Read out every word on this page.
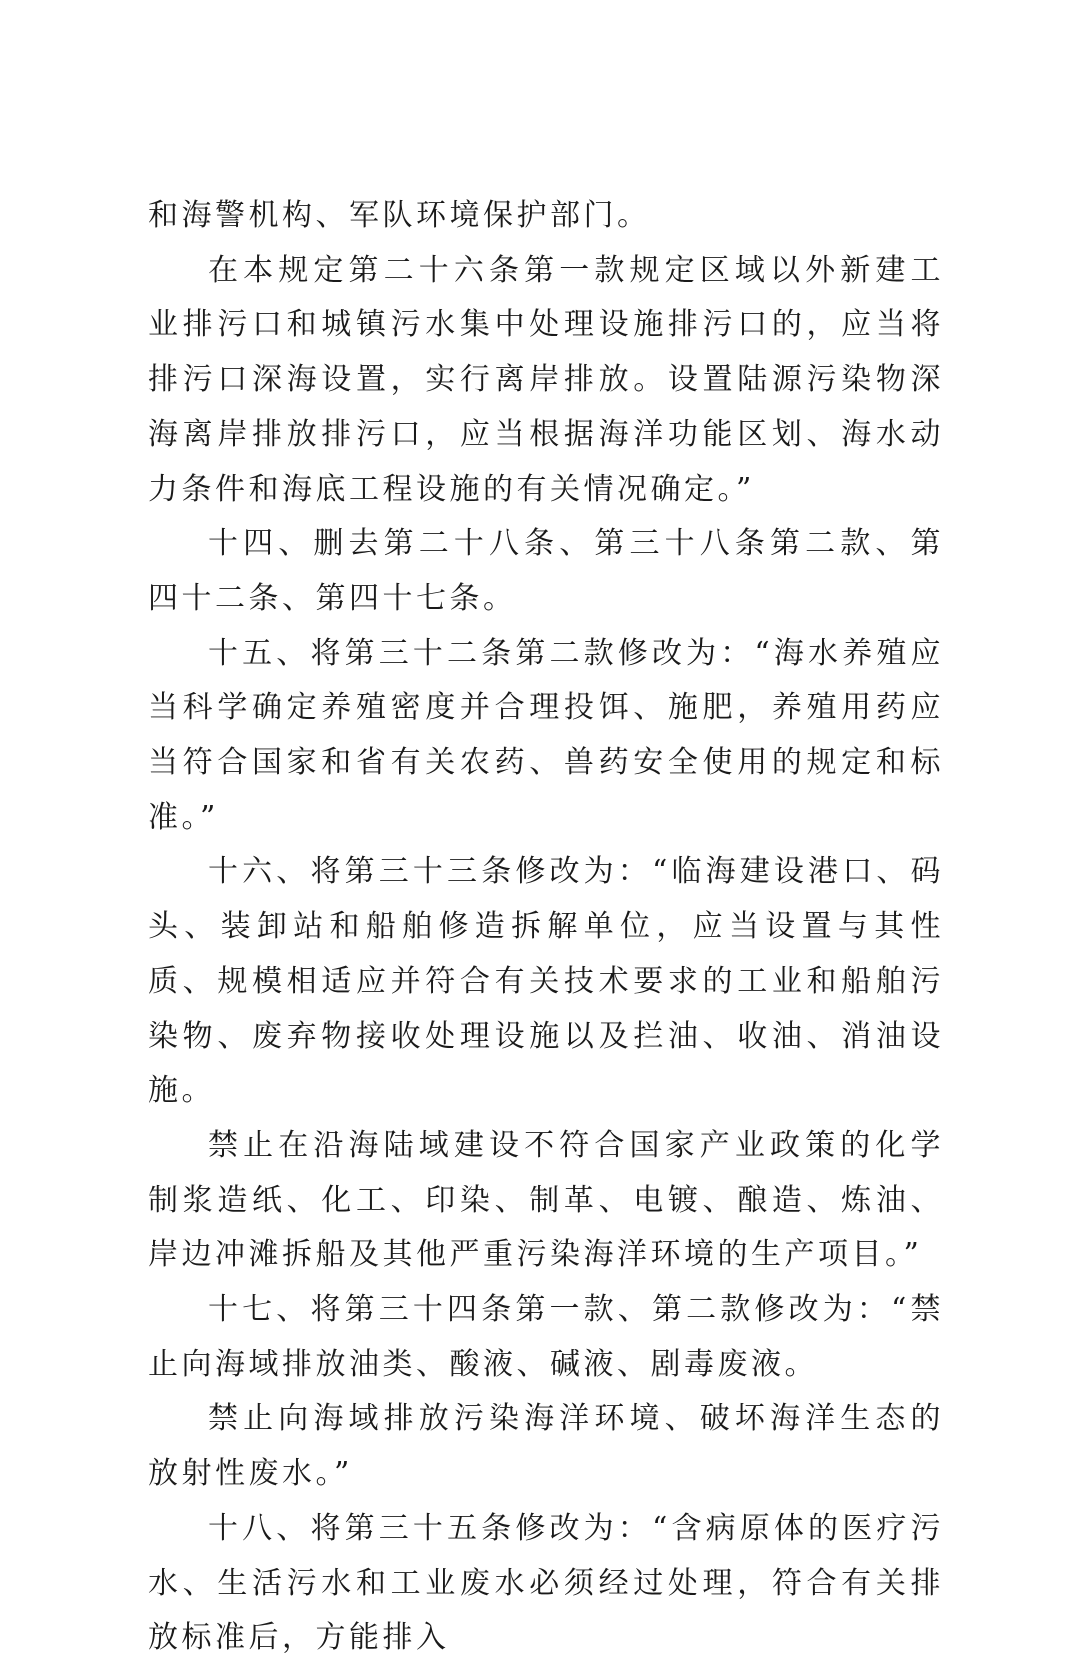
和海警机构、军队环境保护部门。

在本规定第二十六条第一款规定区域以外新建工业排污口和城镇污水集中处理设施排污口的，应当将排污口深海设置，实行离岸排放。设置陆源污染物深海离岸排放排污口，应当根据海洋功能区划、海水动力条件和海底工程设施的有关情况确定。”

十四、删去第二十八条、第三十八条第二款、第四十二条、第四十七条。

十五、将第三十二条第二款修改为：“海水养殖应当科学确定养殖密度并合理投饵、施肥，养殖用药应当符合国家和省有关农药、兽药安全使用的规定和标准。”

十六、将第三十三条修改为：“临海建设港口、码头、装卸站和船舶修造拆解单位，应当设置与其性质、规模相适应并符合有关技术要求的工业和船舶污染物、废弃物接收处理设施以及拦油、收油、消油设施。

禁止在沿海陆域建设不符合国家产业政策的化学制浆造纸、化工、印染、制革、电镀、酿造、炼油、岸边冲滩拆船及其他严重污染海洋环境的生产项目。”

十七、将第三十四条第一款、第二款修改为：“禁止向海域排放油类、酸液、碱液、剧毒废液。

禁止向海域排放污染海洋环境、破坏海洋生态的放射性废水。”

十八、将第三十五条修改为：“含病原体的医疗污水、生活污水和工业废水必须经过处理，符合有关排放标准后，方能排入
